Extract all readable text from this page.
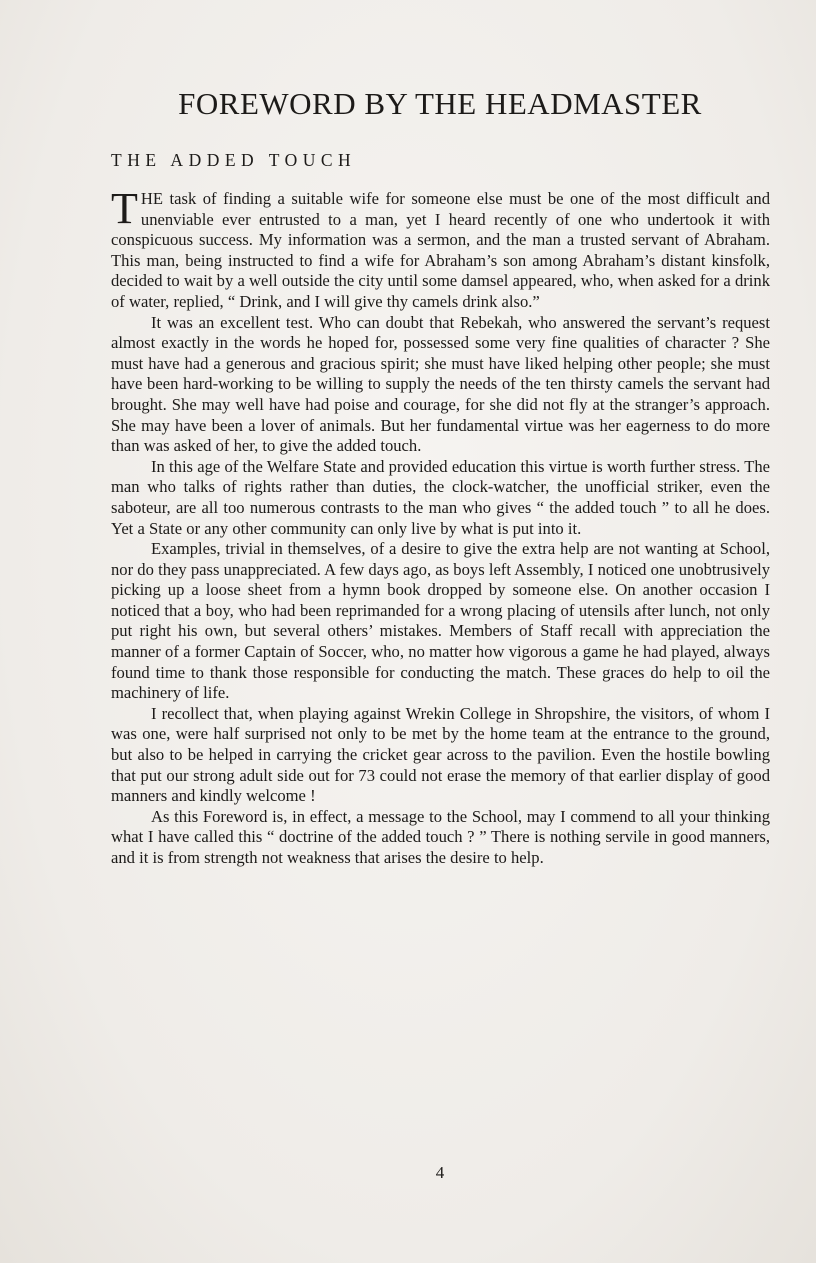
FOREWORD BY THE HEADMASTER
THE ADDED TOUCH

THE task of finding a suitable wife for someone else must be one of the most difficult and unenviable ever entrusted to a man, yet I heard recently of one who undertook it with conspicuous success. My information was a sermon, and the man a trusted servant of Abraham. This man, being instructed to find a wife for Abraham’s son among Abraham’s distant kinsfolk, decided to wait by a well outside the city until some damsel appeared, who, when asked for a drink of water, replied, “ Drink, and I will give thy camels drink also.”

It was an excellent test. Who can doubt that Rebekah, who answered the servant’s request almost exactly in the words he hoped for, possessed some very fine qualities of character ? She must have had a generous and gracious spirit; she must have liked helping other people; she must have been hard-working to be willing to supply the needs of the ten thirsty camels the servant had brought. She may well have had poise and courage, for she did not fly at the stranger’s approach. She may have been a lover of animals. But her fundamental virtue was her eagerness to do more than was asked of her, to give the added touch.

In this age of the Welfare State and provided education this virtue is worth further stress. The man who talks of rights rather than duties, the clock-watcher, the unofficial striker, even the saboteur, are all too numerous contrasts to the man who gives “ the added touch ” to all he does. Yet a State or any other community can only live by what is put into it.

Examples, trivial in themselves, of a desire to give the extra help are not wanting at School, nor do they pass unappreciated. A few days ago, as boys left Assembly, I noticed one unobtrusively picking up a loose sheet from a hymn book dropped by someone else. On another occasion I noticed that a boy, who had been reprimanded for a wrong placing of utensils after lunch, not only put right his own, but several others’ mistakes. Members of Staff recall with appreciation the manner of a former Captain of Soccer, who, no matter how vigorous a game he had played, always found time to thank those responsible for conducting the match. These graces do help to oil the machinery of life.

I recollect that, when playing against Wrekin College in Shropshire, the visitors, of whom I was one, were half surprised not only to be met by the home team at the entrance to the ground, but also to be helped in carrying the cricket gear across to the pavilion. Even the hostile bowling that put our strong adult side out for 73 could not erase the memory of that earlier display of good manners and kindly welcome !

As this Foreword is, in effect, a message to the School, may I commend to all your thinking what I have called this “ doctrine of the added touch ? ” There is nothing servile in good manners, and it is from strength not weakness that arises the desire to help.

4
